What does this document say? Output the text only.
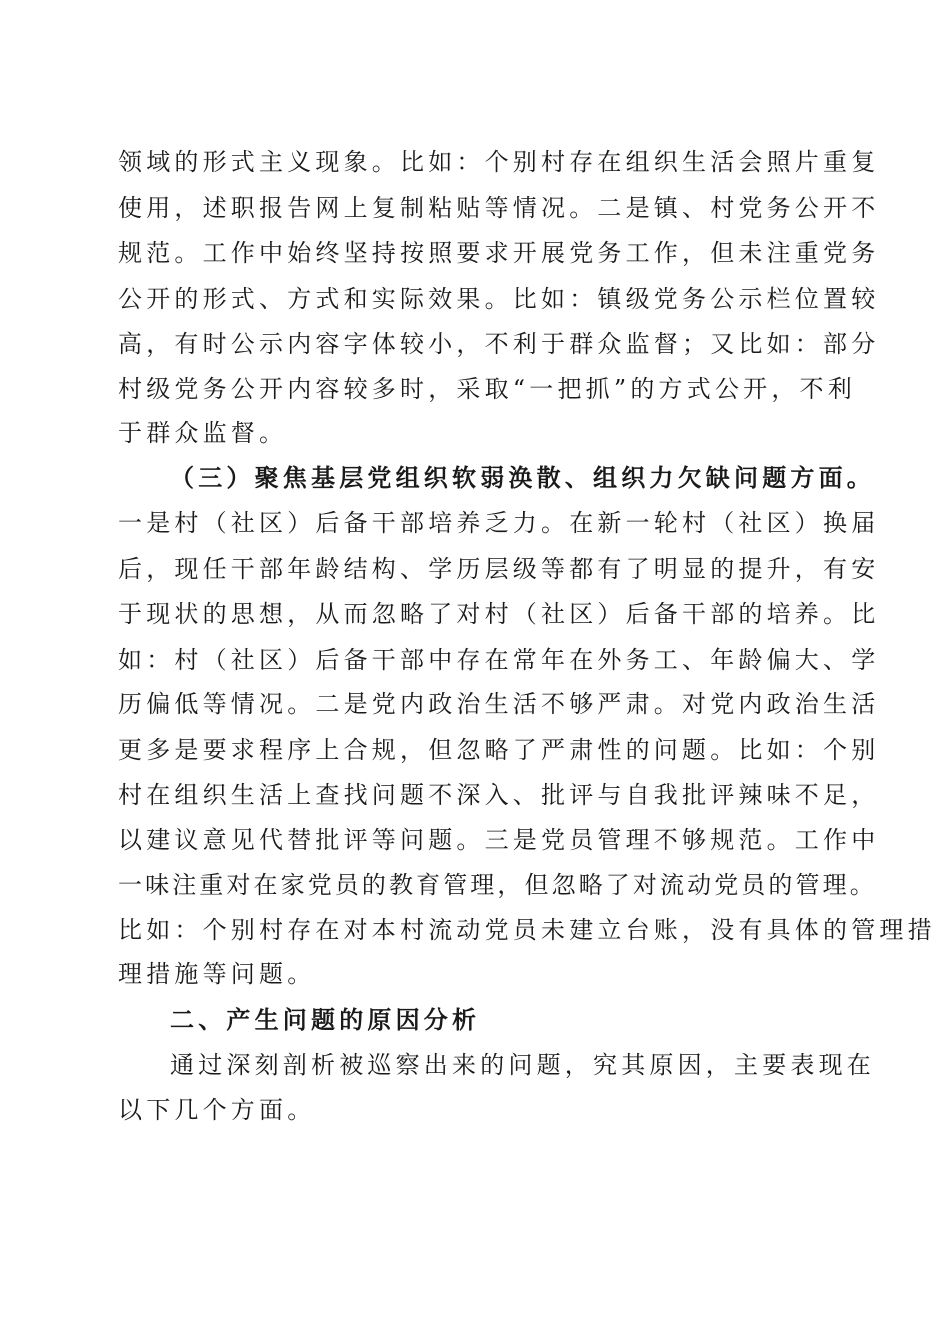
领域的形式主义现象。比如：个别村存在组织生活会照片重复
使用，述职报告网上复制粘贴等情况。二是镇、村党务公开不
规范。工作中始终坚持按照要求开展党务工作，但未注重党务
公开的形式、方式和实际效果。比如：镇级党务公示栏位置较
高，有时公示内容字体较小，不利于群众监督；又比如：部分
村级党务公开内容较多时，采取“一把抓”的方式公开，不利
于群众监督。
（三）聚焦基层党组织软弱涣散、组织力欠缺问题方面。
一是村（社区）后备干部培养乏力。在新一轮村（社区）换届
后，现任干部年龄结构、学历层级等都有了明显的提升，有安
于现状的思想，从而忽略了对村（社区）后备干部的培养。比
如：村（社区）后备干部中存在常年在外务工、年龄偏大、学
历偏低等情况。二是党内政治生活不够严肃。对党内政治生活
更多是要求程序上合规，但忽略了严肃性的问题。比如：个别
村在组织生活上查找问题不深入、批评与自我批评辣味不足，
以建议意见代替批评等问题。三是党员管理不够规范。工作中
一味注重对在家党员的教育管理，但忽略了对流动党员的管理。
比如：个别村存在对本村流动党员未建立台账，没有具体的管理措
理措施等问题。
二、产生问题的原因分析
通过深刻剖析被巡察出来的问题，究其原因，主要表现在
以下几个方面。
